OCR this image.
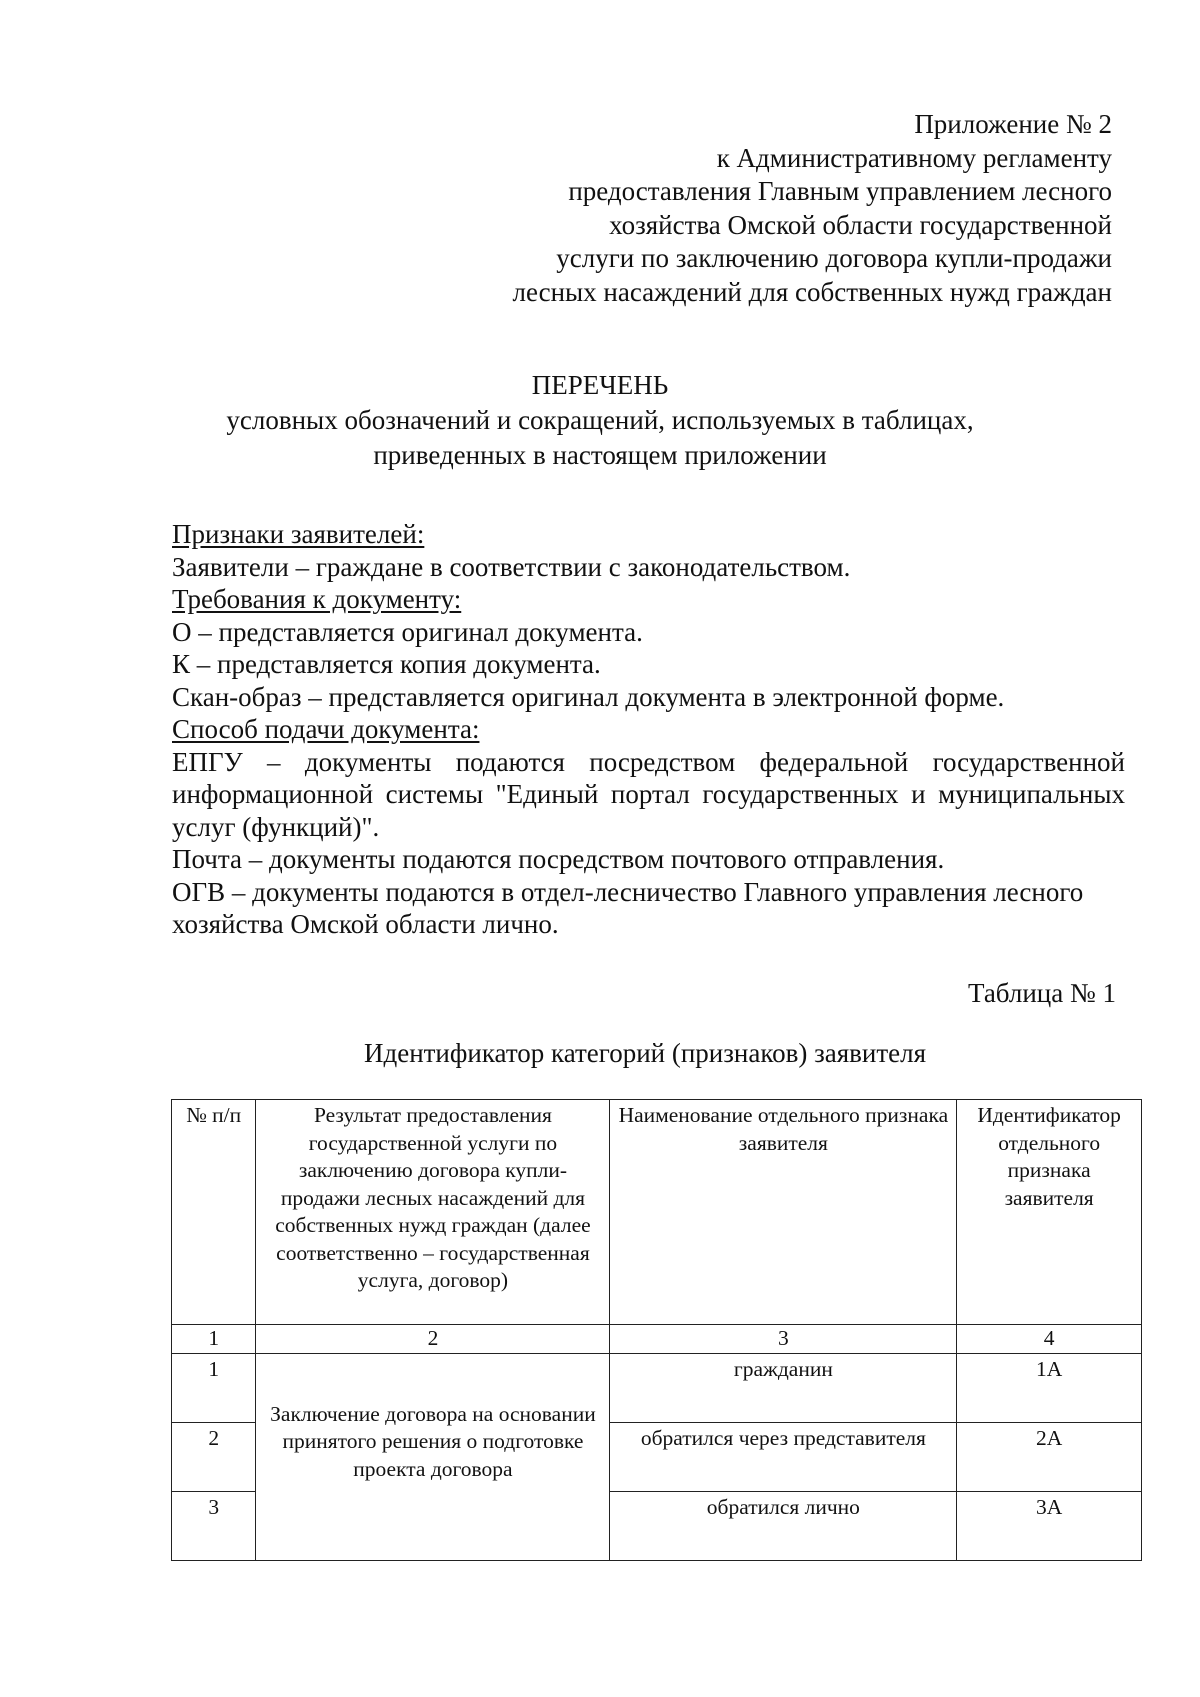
Приложение № 2
к Административному регламенту
предоставления Главным управлением лесного
хозяйства Омской области государственной
услуги по заключению договора купли-продажи
лесных насаждений для собственных нужд граждан
ПЕРЕЧЕНЬ
условных обозначений и сокращений, используемых в таблицах,
приведенных в настоящем приложении

Признаки заявителей:

Заявители – граждане в соответствии с законодательством.

Требования к документу:

О – представляется оригинал документа.

К – представляется копия документа.

Скан-образ – представляется оригинал документа в электронной форме.

Способ подачи документа:

ЕПГУ – документы подаются посредством федеральной государственной информационной системы "Единый портал государственных и муниципальных услуг (функций)".

Почта – документы подаются посредством почтового отправления.

ОГВ – документы подаются в отдел-лесничество Главного управления лесного хозяйства Омской области лично.

Таблица № 1
Идентификатор категорий (признаков) заявителя
№ п/п	Результат предоставления государственной услуги по заключению договора купли-продажи лесных насаждений для собственных нужд граждан (далее соответственно – государственная услуга, договор)	Наименование отдельного признака заявителя	Идентификатор отдельного признака заявителя
1	2	3	4
1	Заключение договора на основании принятого решения о подготовке проекта договора	гражданин	1А
2		обратился через представителя	2А
3		обратился лично	3А
